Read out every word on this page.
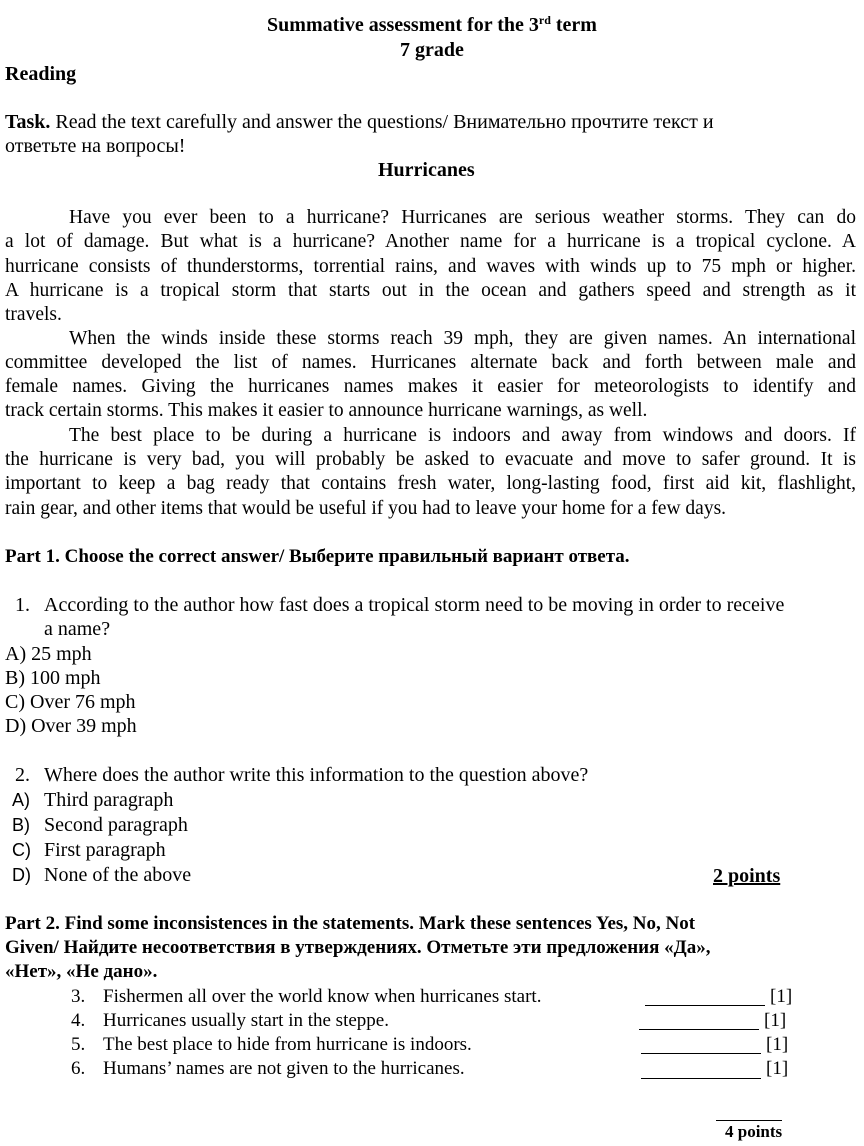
Summative assessment for the 3rd term
7 grade
Reading
Task. Read the text carefully and answer the questions/ Внимательно прочтите текст и
ответьте на вопросы!
Hurricanes
Have you ever been to a hurricane? Hurricanes are serious weather storms. They can do
a lot of damage. But what is a hurricane? Another name for a hurricane is a tropical cyclone. A
hurricane consists of thunderstorms, torrential rains, and waves with winds up to 75 mph or higher.
A hurricane is a tropical storm that starts out in the ocean and gathers speed and strength as it
travels.
When the winds inside these storms reach 39 mph, they are given names. An international
committee developed the list of names. Hurricanes alternate back and forth between male and
female names. Giving the hurricanes names makes it easier for meteorologists to identify and
track certain storms. This makes it easier to announce hurricane warnings, as well.
The best place to be during a hurricane is indoors and away from windows and doors. If
the hurricane is very bad, you will probably be asked to evacuate and move to safer ground. It is
important to keep a bag ready that contains fresh water, long-lasting food, first aid kit, flashlight,
rain gear, and other items that would be useful if you had to leave your home for a few days.
Part 1. Choose the correct answer/ Выберите правильный вариант ответа.
1. According to the author how fast does a tropical storm need to be moving in order to receive
a name?
A) 25 mph
B) 100 mph
C) Over 76 mph
D) Over 39 mph
2. Where does the author write this information to the question above?
A) Third paragraph
B) Second paragraph
C) First paragraph
D) None of the above	2 points
Part 2. Find some inconsistences in the statements. Mark these sentences Yes, No, Not
Given/ Найдите несоответствия в утверждениях. Отметьте эти предложения «Да»,
«Нет», «Не дано».
3. Fishermen all over the world know when hurricanes start.	[1]
4. Hurricanes usually start in the steppe.	[1]
5. The best place to hide from hurricane is indoors.	[1]
6. Humans’ names are not given to the hurricanes.	[1]
4 points
